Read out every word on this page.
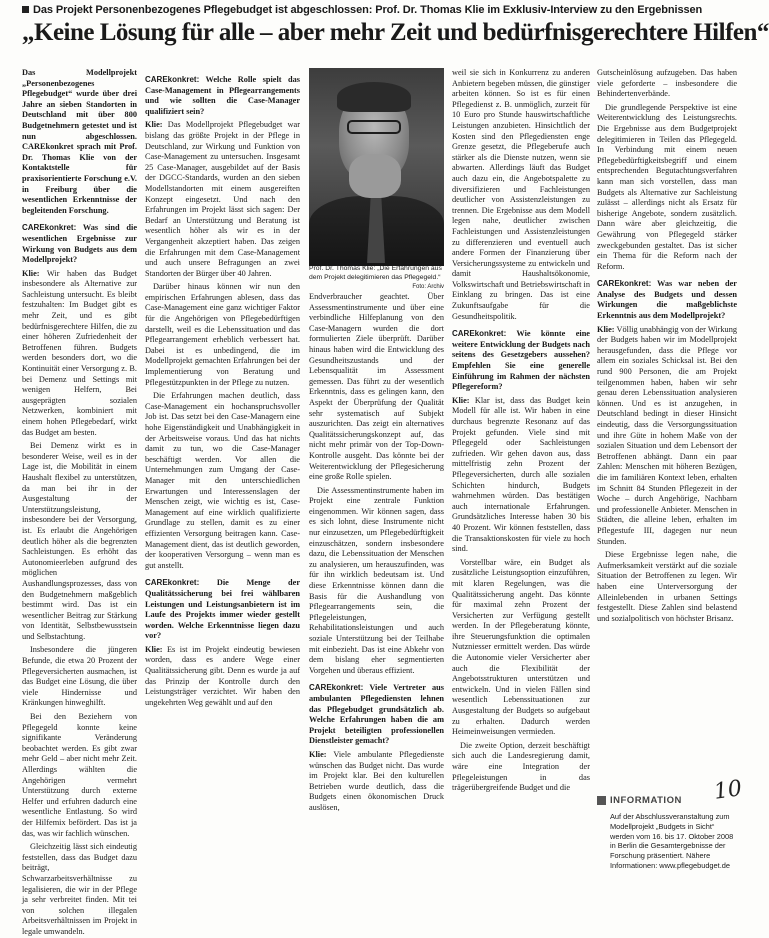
Das Projekt Personenbezogenes Pflegebudget ist abgeschlossen: Prof. Dr. Thomas Klie im Exklusiv-Interview zu den Ergebnissen
„Keine Lösung für alle – aber mehr Zeit und bedürfnisgerechtere Hilfen“

Das Modellprojekt „Personenbezogenes Pflegebudget“ wurde über drei Jahre an sieben Standorten in Deutschland mit über 800 Budgetnehmern getestet und ist nun abgeschlossen. CAREkonkret sprach mit Prof. Dr. Thomas Klie von der Kontaktstelle für praxisorientierte Forschung e.V. in Freiburg über die wesentlichen Erkenntnisse der begleitenden Forschung.

CAREkonkret: Was sind die wesentlichen Ergebnisse zur Wirkung von Budgets aus dem Modellprojekt?

Klie: Wir haben das Budget insbesondere als Alternative zur Sachleistung untersucht. Es bleibt festzuhalten: Im Budget gibt es mehr Zeit, und es gibt bedürfnisgerechtere Hilfen, die zu einer höheren Zufriedenheit der Betroffenen führen. Budgets werden besonders dort, wo die Kontinuität einer Versorgung z. B. bei Demenz und Settings mit wenigen Helfern, Bei ausgeprägten sozialen Netzwerken, kombiniert mit einem hohen Pflegebedarf, wirkt das Budget am besten.

Bei Demenz wirkt es in besonderer Weise, weil es in der Lage ist, die Mobilität in einem Haushalt flexibel zu unterstützen, da man bei ihr in der Ausgestaltung der Unterstützungsleistung, insbesondere bei der Versorgung, ist. Es erlaubt die Angehörigen deutlich höher als die begrenzten Sachleistungen. Es erhöht das Autonomieerleben aufgrund des möglichen Aushandlungsprozesses, dass von den Budgetnehmern maßgeblich bestimmt wird. Das ist ein wesentlicher Beitrag zur Stärkung von Identität, Selbstbewusstsein und Selbstachtung.

Insbesondere die jüngeren Befunde, die etwa 20 Prozent der Pflegeversicherten ausmachen, ist das Budget eine Lösung, die über viele Hindernisse und Kränkungen hinweghilft.

Bei den Beziehern von Pflegegeld konnte keine signifikante Veränderung beobachtet werden. Es gibt zwar mehr Geld – aber nicht mehr Zeit. Allerdings wählten die Angehörigen vermehrt Unterstützung durch externe Helfer und erfuhren dadurch eine wesentliche Entlastung. So wird der Hilfemix befördert. Das ist ja das, was wir fachlich wünschen.

Gleichzeitig lässt sich eindeutig feststellen, dass das Budget dazu beiträgt, Schwarzarbeitsverhältnisse zu legalisieren, die wir in der Pflege ja sehr verbreitet finden. Mit tei von solchen illegalen Arbeitsverhältnissen im Projekt in legale umwandeln.

CAREkonkret: Welche Rolle spielt das Case-Management in Pflegearrangements und wie sollten die Case-Manager qualifiziert sein?

Klie: Das Modellprojekt Pflegebudget war bislang das größte Projekt in der Pflege in Deutschland, zur Wirkung und Funktion von Case-Management zu untersuchen. Insgesamt 25 Case-Manager, ausgebildet auf der Basis der DGCC-Standards, wurden an den sieben Modellstandorten mit einem ausgereiften Konzept eingesetzt. Und nach den Erfahrungen im Projekt lässt sich sagen: Der Bedarf an Unterstützung und Beratung ist wesentlich höher als wir es in der Vergangenheit akzeptiert haben. Das zeigen die Erfahrungen mit dem Case-Management und auch unsere Befragungen an zwei Standorten der Bürger über 40 Jahren.

Darüber hinaus können wir nun den empirischen Erfahrungen ablesen, dass das Case-Management eine ganz wichtiger Faktor für die Angehörigen von Pflegebedürftigen darstellt, weil es die Lebenssituation und das Pflegearrangement erheblich verbessert hat. Dabei ist es unbedingend, die im Modellprojekt gemachten Erfahrungen bei der Implementierung von Beratung und Pflegestützpunkten in der Pflege zu nutzen.

Die Erfahrungen machen deutlich, dass Case-Management ein hochanspruchsvoller Job ist. Das setzt bei den Case-Managern eine hohe Eigenständigkeit und Unabhängigkeit in der Arbeitsweise voraus. Und das hat nichts damit zu tun, wo die Case-Manager beschäftigt werden. Vor allen die Unternehmungen zum Umgang der Case-Manager mit den unterschiedlichen Erwartungen und Interessenslagen der Menschen zeigt, wie wichtig es ist, Case-Management auf eine wirklich qualifizierte Grundlage zu stellen, damit es zu einer effizienten Versorgung beitragen kann. Case-Management dient, das ist deutlich geworden, der kooperativen Versorgung – wenn man es gut anstellt.

CAREkonkret: Die Menge der Qualitätssicherung bei frei wählbaren Leistungen und Leistungsanbietern ist im Laufe des Projekts immer wieder gestellt worden. Welche Erkenntnisse liegen dazu vor?

Klie: Es ist im Projekt eindeutig bewiesen worden, dass es andere Wege einer Qualitätssicherung gibt. Denn es wurde ja auf das Prinzip der Kontrolle durch den Leistungsträger verzichtet. Wir haben den ungekehrten Weg gewählt und auf den

Prof. Dr. Thomas Klie: „Die Erfahrungen aus dem Projekt delegitimieren das Pflegegeld.“
Foto: Archiv

Endverbraucher geachtet. Über Assessmentinstrumente und über eine verbindliche Hilfeplanung von den Case-Managern wurden die dort formulierten Ziele überprüft. Darüber hinaus haben wird die Entwicklung des Gesundheitszustands und der Lebensqualität im Assessment gemessen. Das führt zu der wesentlich Erkenntnis, dass es gelingen kann, den Aspekt der Überprüfung der Qualität sehr systematisch auf Subjekt auszurichten. Das zeigt ein alternatives Qualitätssicherungskonzept auf, das nicht mehr primär von der Top-Down-Kontrolle ausgeht. Das könnte bei der Weiterentwicklung der Pflegesicherung eine große Rolle spielen.

Die Assessmentinstrumente haben im Projekt eine zentrale Funktion eingenommen. Wir können sagen, dass es sich lohnt, diese Instrumente nicht nur einzusetzen, um Pflegebedürftigkeit einzuschätzen, sondern insbesondere dazu, die Lebenssituation der Menschen zu analysieren, um herauszufinden, was für ihn wirklich bedeutsam ist. Und diese Erkenntnisse können dann die Basis für die Aushandlung von Pflegearrangements sein, die Pflegeleistungen, Rehabilitationsleistungen und auch soziale Unterstützung bei der Teilhabe mit einbezieht. Das ist eine Abkehr von dem bislang eher segmentierten Vorgehen und überaus effizient.

CAREkonkret: Viele Vertreter aus ambulanten Pflegediensten lehnen das Pflegebudget grundsätzlich ab. Welche Erfahrungen haben die am Projekt beteiligten professionellen Dienstleister gemacht?

Klie: Viele ambulante Pflegedienste wünschen das Budget nicht. Das wurde im Projekt klar. Bei den kulturellen Betrieben wurde deutlich, dass die Budgets einen ökonomischen Druck auslösen,

weil sie sich in Konkurrenz zu anderen Anbietern begeben müssen, die günstiger arbeiten können. So ist es für einen Pflegedienst z. B. unmöglich, zurzeit für 10 Euro pro Stunde hauswirtschaftliche Leistungen anzubieten. Hinsichtlich der Kosten sind den Pflegediensten enge Grenze gesetzt, die Pflegeberufe auch stärker als die Dienste nutzen, wenn sie abwarten. Allerdings läuft das Budget auch dazu ein, die Angebotspalette zu diversifizieren und Fachleistungen deutlicher von Assistenzleistungen zu trennen. Die Ergebnisse aus dem Modell legen nahe, deutlicher zwischen Fachleistungen und Assistenzleistungen zu differenzieren und eventuell auch andere Formen der Finanzierung über Versicherungssysteme zu entwickeln und damit Haushaltsökonomie, Volkswirtschaft und Betriebswirtschaft in Einklang zu bringen. Das ist eine Zukunftsaufgabe für die Gesundheitspolitik.

CAREkonkret: Wie könnte eine weitere Entwicklung der Budgets nach seitens des Gesetzgebers aussehen? Empfehlen Sie eine generelle Einführung im Rahmen der nächsten Pflegereform?

Klie: Klar ist, dass das Budget kein Modell für alle ist. Wir haben in eine durchaus begrenzte Resonanz auf das Projekt gefunden. Viele sind mit Pflegegeld oder Sachleistungen zufrieden. Wir gehen davon aus, dass mittelfristig zehn Prozent der Pflegeversicherten, durch alle sozialen Schichten hindurch, Budgets wahrnehmen würden. Das bestätigen auch internationale Erfahrungen. Grundsätzliches Interesse haben 30 bis 40 Prozent. Wir können feststellen, dass die Transaktionskosten für viele zu hoch sind.

Vorstellbar wäre, ein Budget als zusätzliche Leistungsoption einzuführen, mit klaren Regelungen, was die Qualitätssicherung angeht. Das könnte für maximal zehn Prozent der Versicherten zur Verfügung gestellt werden. In der Pflegeberatung könnte, ihre Steuerungsfunktion die optimalen Nutzniesser ermittelt werden. Das würde die Autonomie vieler Versicherter aber auch die Flexibilität der Angebotsstrukturen unterstützen und entwickeln. Und in vielen Fällen sind wesentlich Lebenssituationen zur Ausgestaltung der Budgets so aufgebaut zu erhalten. Dadurch werden Heimeinweisungen vermieden.

Die zweite Option, derzeit beschäftigt sich auch die Landesregierung damit, wäre eine Integration der Pflegeleistungen in das trägerübergreifende Budget und die

Gutscheinlösung aufzugeben. Das haben viele geforderte – insbesondere die Behindertenverbände.

Die grundlegende Perspektive ist eine Weiterentwicklung des Leistungsrechts. Die Ergebnisse aus dem Budgetprojekt delegitimieren in Teilen das Pflegegeld. In Verbindung mit einem neuen Pflegebedürftigkeitsbegriff und einem entsprechenden Begutachtungsverfahren kann man sich vorstellen, dass man Budgets als Alternative zur Sachleistung zulässt – allerdings nicht als Ersatz für bisherige Angebote, sondern zusätzlich. Dann wäre aber gleichzeitig, die Gewährung von Pflegegeld stärker zweckgebunden gestaltet. Das ist sicher ein Thema für die Reform nach der Reform.

CAREkonkret: Was war neben der Analyse des Budgets und dessen Wirkungen die maßgeblichste Erkenntnis aus dem Modellprojekt?

Klie: Völlig unabhängig von der Wirkung der Budgets haben wir im Modellprojekt herausgefunden, dass die Pflege vor allem ein soziales Schicksal ist. Bei den rund 900 Personen, die am Projekt teilgenommen haben, haben wir sehr genau deren Lebenssituation analysieren können. Und es ist anzugehen, in Deutschland bedingt in dieser Hinsicht eindeutig, dass die Versorgungssituation und ihre Güte in hohem Maße von der sozialen Situation und dem Lebensort der Betroffenen abhängt. Dann ein paar Zahlen: Menschen mit höheren Bezügen, die im familiären Kontext leben, erhalten im Schnitt 84 Stunden Pflegezeit in der Woche – durch Angehörige, Nachbarn und professionelle Anbieter. Menschen in Städten, die alleine leben, erhalten im Pflegestufe III, dagegen nur neun Stunden.

Diese Ergebnisse legen nahe, die Aufmerksamkeit verstärkt auf die soziale Situation der Betroffenen zu legen. Wir haben eine Unterversorgung der Alleinlebenden in urbanen Settings festgestellt. Diese Zahlen sind belastend und sozialpolitisch von höchster Brisanz.

INFORMATION
Auf der Abschlussveranstaltung zum Modellprojekt „Budgets in Sicht“ werden vom 16. bis 17. Oktober 2008 in Berlin die Gesamtergebnisse der Forschung präsentiert. Nähere Informationen: www.pflegebudget.de
10
